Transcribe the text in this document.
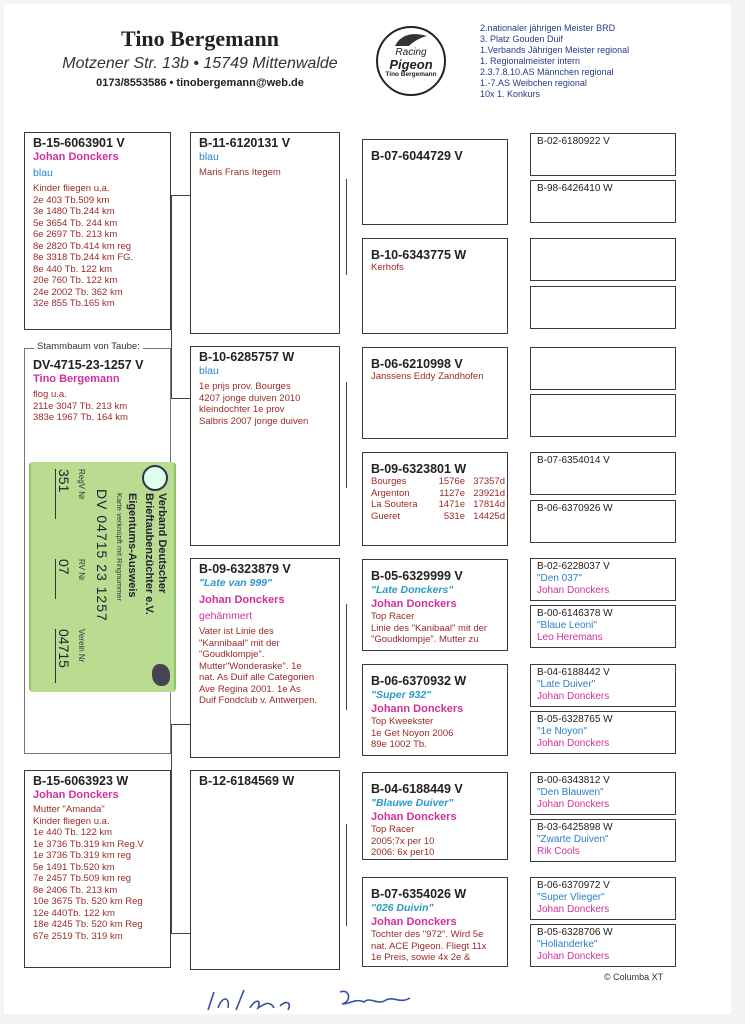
Tino Bergemann
Motzener Str. 13b • 15749 Mittenwalde
0173/8553586 • tinobergemann@web.de
Racing
Pigeon
Tino Bergemann
2.nationaler jährigen Meister BRD
3. Platz Gouden Duif
1.Verbands Jährigen Meister regional
1. Regionalmeister intern
2.3.7.8.10.AS Männchen regional
1.-7.AS Weibchen regional
10x 1. Konkurs
B-15-6063901 V
Johan Donckers
blau
Kinder fliegen u.a.
2e 403 Tb.509 km
3e 1480 Tb.244 km
5e 3654 Tb. 244 km
6e 2697 Tb. 213 km
8e 2820 Tb.414 km reg
8e 3318 Tb.244 km FG.
8e 440 Tb. 122 km
20e 760 Tb. 122 km
24e 2002 Tb. 362 km
32e 855 Tb.165 km
DV-4715-23-1257 V
Tino Bergemann
flog u.a.
211e 3047 Tb. 213 km
383e 1967 Tb. 164 km
Stammbaum von Taube:
Verband Deutscher
Brieftaubenzüchter e.V.
Eigentums-Ausweis
Karte verknüpft mit Ringnummer
DV 04715 23 1257
RegV Nr
RV Nr
Verein Nr
351
07
04715
B-15-6063923 W
Johan Donckers
Mutter "Amanda"
Kinder fliegen u.a.
1e 440 Tb. 122 km
1e 3736 Tb.319 km Reg.V
1e 3736 Tb.319 km reg
5e 1491 Tb.520 km
7e 2457 Tb.509 km reg
8e 2406 Tb. 213 km
10e 3675 Tb. 520 km Reg
12e 440Tb. 122 km
18e 4245 Tb. 520 km Reg
67e 2519 Tb. 319 km
B-11-6120131 V
blau
Maris Frans Itegem
B-10-6285757 W
blau
1e prijs prov. Bourges
4207 jonge duiven 2010
kleindochter 1e prov
Salbris 2007 jonge duiven
B-09-6323879 V
"Late van 999"
Johan Donckers
gehämmert
Vater ist Linie des
"Kannibaal" mit der
"Goudklompje".
Mutter"Wonderaske". 1e
nat. As Duif alle Categorien
Ave Regina 2001. 1e As
Duif Fondclub v. Antwerpen.
B-12-6184569 W
B-07-6044729 V
B-10-6343775 W
Kerhofs
B-06-6210998 V
Janssens Eddy Zandhofen
B-09-6323801 W
Bourges	1576e 37357d
Argenton	1127e 23921d
La Soutera 1471e 17814d
Gueret	531e 14425d
B-05-6329999 V
"Late Donckers"
Johan Donckers
Top Racer
Linie des "Kanibaal" mit der
"Goudklompje". Mutter zu
B-06-6370932 W
"Super 932"
Johann Donckers
Top Kweekster
1e Get Noyon 2006
89e 1002 Tb.
B-04-6188449 V
"Blauwe Duiver"
Johan Donckers
Top Racer
2005:7x per 10
2006: 6x per10
B-07-6354026 W
"026 Duivin"
Johan Donckers
Tochter des "972". Wird 5e
nat. ACE Pigeon. Fliegt 11x
1e Preis, sowie 4x 2e &
B-02-6180922 V
B-98-6426410 W
B-07-6354014 V
B-06-6370926 W
B-02-6228037 V
"Den 037"
Johan Donckers
B-00-6146378 W
"Blaue Leoni"
Leo Heremans
B-04-6188442 V
"Late Duiver"
Johan Donckers
B-05-6328765 W
"1e Noyon"
Johan Donckers
B-00-6343812 V
"Den Blauwen"
Johan Donckers
B-03-6425898 W
"Zwarte Duiven"
Rik Cools
B-06-6370972 V
"Super Vlieger"
Johan Donckers
B-05-6328706 W
"Hollanderke"
Johan Donckers
© Columba XT
